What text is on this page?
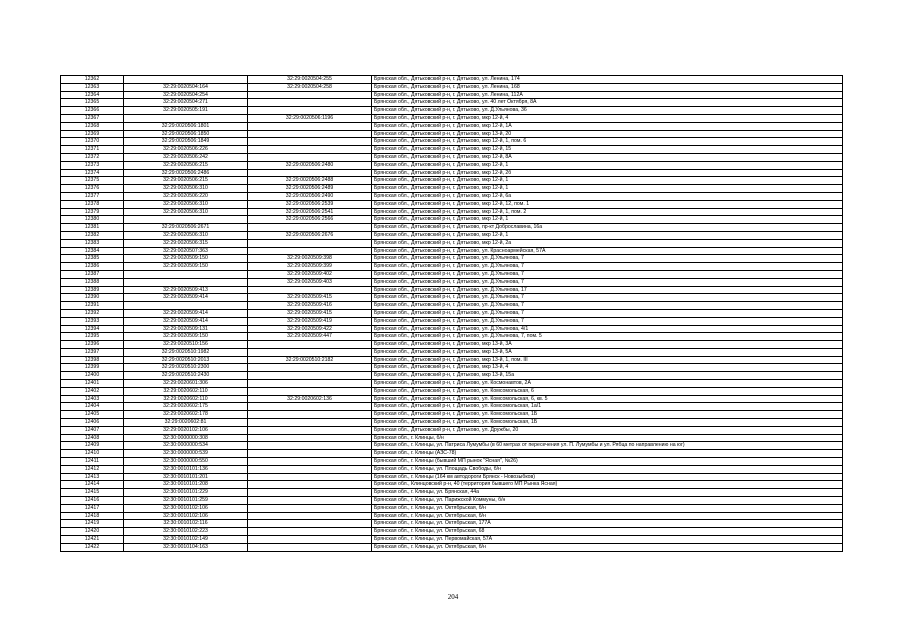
12362		32:29:0020504:255	Брянская обл., Дятьковский р-н, г. Дятьково, ул. Ленина, 174
12363	32:29:0020504:164	32:29:0020504:258	Брянская обл., Дятьковский р-н, г. Дятьково, ул. Ленина, 168
12364	32:29:0020504:254		Брянская обл., Дятьковский р-н, г. Дятьково, ул. Ленина, 112А
12365	32:29:0020504:271		Брянская обл., Дятьковский р-н, г. Дятьково, ул. 40 лет Октября, 8А
12366	32:29:0020505:191		Брянская обл., Дятьковский р-н, г. Дятьково, ул. Д.Ульянова, 36
12367		32:29:0020506:1196	Брянская обл., Дятьковский р-н, г. Дятьково, мкр 12-й, 4
12368	32:29:0020506:1801		Брянская обл., Дятьковский р-н, г. Дятьково, мкр 12-й, 1А
12369	32:29:0020506:1850		Брянская обл., Дятьковский р-н, г. Дятьково, мкр 13-й, 20
12370	32:29:0020506:1849		Брянская обл., Дятьковский р-н, г. Дятьково, мкр 12-й, 1, пом. 6
12371	32:29:0020506:226		Брянская обл., Дятьковский р-н, г. Дятьково, мкр 12-й, 15
12372	32:29:0020506:242		Брянская обл., Дятьковский р-н, г. Дятьково, мкр 12-й, 8А
12373	32:29:0020506:215	32:29:0020506:2480	Брянская обл., Дятьковский р-н, г. Дятьково, мкр 12-й, 1
12374	32:29:0020506:2486		Брянская обл., Дятьковский р-н, г. Дятьково, мкр 12-й, 2б
12375	32:29:0020506:215	32:29:0020506:2488	Брянская обл., Дятьковский р-н, г. Дятьково, мкр 12-й, 1
12376	32:29:0020506:310	32:29:0020506:2489	Брянская обл., Дятьковский р-н, г. Дятьково, мкр 12-й, 1
12377	32:29:0020506:220	32:29:0020506:2490	Брянская обл., Дятьковский р-н, г. Дятьково, мкр 12-й, 6а
12378	32:29:0020506:310	32:29:0020506:2539	Брянская обл., Дятьковский р-н, г. Дятьково, мкр 12-й, 12, пом. 1
12379	32:29:0020506:310	32:29:0020506:2541	Брянская обл., Дятьковский р-н, г. Дятьково, мкр 12-й, 1, пом. 2
12380		32:29:0020506:2566	Брянская обл., Дятьковский р-н, г. Дятьково, мкр 12-й, 1
12381	32:29:0020506:2671		Брянская обл., Дятьковский р-н, г. Дятьково, пр-кт Доброславина, 16а
12382	32:29:0020506:310	32:29:0020506:2676	Брянская обл., Дятьковский р-н, г. Дятьково, мкр 12-й, 1
12383	32:29:0020506:315		Брянская обл., Дятьковский р-н, г. Дятьково, мкр 12-й, 2а
12384	32:29:0020507:363		Брянская обл., Дятьковский р-н, г. Дятьково, ул. Красноармейская, 57А
12385	32:29:0020509:150	32:29:0020509:398	Брянская обл., Дятьковский р-н, г. Дятьково, ул. Д.Ульянова, 7
12386	32:29:0020509:150	32:29:0020509:399	Брянская обл., Дятьковский р-н, г. Дятьково, ул. Д.Ульянова, 7
12387		32:29:0020509:402	Брянская обл., Дятьковский р-н, г. Дятьково, ул. Д.Ульянова, 7
12388		32:29:0020509:403	Брянская обл., Дятьковский р-н, г. Дятьково, ул. Д.Ульянова, 7
12389	32:29:0020509:413		Брянская обл., Дятьковский р-н, г. Дятьково, ул. Д.Ульянова, 17
12390	32:29:0020509:414	32:29:0020509:415	Брянская обл., Дятьковский р-н, г. Дятьково, ул. Д.Ульянова, 7
12391		32:29:0020509:416	Брянская обл., Дятьковский р-н, г. Дятьково, ул. Д.Ульянова, 7
12392	32:29:0020509:414	32:29:0020509:415	Брянская обл., Дятьковский р-н, г. Дятьково, ул. Д.Ульянова, 7
12393	32:29:0020509:414	32:29:0020509:419	Брянская обл., Дятьковский р-н, г. Дятьково, ул. Д.Ульянова, 7
12394	32:29:0020509:131	32:29:0020509:422	Брянская обл., Дятьковский р-н, г. Дятьково, ул. Д.Ульянова, 4/1
12395	32:29:0020509:150	32:29:0020509:447	Брянская обл., Дятьковский р-н, г. Дятьково, ул. Д.Ульянова, 7, пом. 5
12396	32:29:0020510:156		Брянская обл., Дятьковский р-н, г. Дятьково, мкр 13-й, 3А
12397	32:29:0020510:1982		Брянская обл., Дятьковский р-н, г. Дятьково, мкр 13-й, 5А
12398	32:29:0020510:2013	32:29:0020510:2182	Брянская обл., Дятьковский р-н, г. Дятьково, мкр 13-й, 1, пом. III
12399	32:29:0020510:2300		Брянская обл., Дятьковский р-н, г. Дятьково, мкр 13-й, 4
12400	32:29:0020510:2430		Брянская обл., Дятьковский р-н, г. Дятьково, мкр 13-й, 15а
12401	32:29:0020601:306		Брянская обл., Дятьковский р-н, г. Дятьково, ул. Космонавтов, 2А
12402	32:29:0020602:110		Брянская обл., Дятьковский р-н, г. Дятьково, ул. Комсомольская, 6
12403	32:29:0020602:110	32:29:0020602:136	Брянская обл., Дятьковский р-н, г. Дятьково, ул. Комсомольская, 6, кв. 5
12404	32:29:0020602:175		Брянская обл., Дятьковский р-н, г. Дятьково, ул. Комсомольская, 1а/1
12405	32:29:0020602:178		Брянская обл., Дятьковский р-н, г. Дятьково, ул. Комсомольская, 1Б
12406	32:29:0020602:81		Брянская обл., Дятьковский р-н, г. Дятьково, ул. Комсомольская, 1Б
12407	32:29:0020102:106		Брянская обл., Дятьковский р-н, г. Дятьково, ул. Дружбы, 20
12408	32:30:0000000:308		Брянская обл., г. Клинцы, б/н
12409	32:30:0000000:534		Брянская обл., г. Клинцы, ул. Патриса Лумумбы (в 60 метрах от пересечения ул. П. Лумумбы и ул. Рябца по направлению на юг)
12410	32:30:0000000:539		Брянская обл., г. Клинцы (АЗС-78)
12411	32:30:0000000:550		Брянская обл., г. Клинцы (бывший МП рынок "Ясная", №26)
12412	32:30:0010101:136		Брянская обл., г. Клинцы, ул. Площадь Свободы, б/н
12413	32:30:0010101:201		Брянская обл., г. Клинцы (164 км автодороги Брянск - Новозыбков)
12414	32:30:0010101:208		Брянская обл., Клинцовский р-н, 40 (территория бывшего МП Рынка Ясная)
12415	32:30:0010101:229		Брянская обл., г. Клинцы, ул. Брянская, 44а
12416	32:30:0010101:259		Брянская обл., г. Клинцы, ул. Парижской Коммуны, б/н
12417	32:30:0010102:106		Брянская обл., г. Клинцы, ул. Октябрьская, б/н
12418	32:30:0010102:106		Брянская обл., г. Клинцы, ул. Октябрьская, б/н
12419	32:30:0010102:116		Брянская обл., г. Клинцы, ул. Октябрьская, 177А
12420	32:30:0010102:223		Брянская обл., г. Клинцы, ул. Октябрьская, 68
12421	32:30:0010102:149		Брянская обл., г. Клинцы, ул. Первомайская, 57А
12422	32:30:0010104:163		Брянская обл., г. Клинцы, ул. Октябрьская, б/н
204
